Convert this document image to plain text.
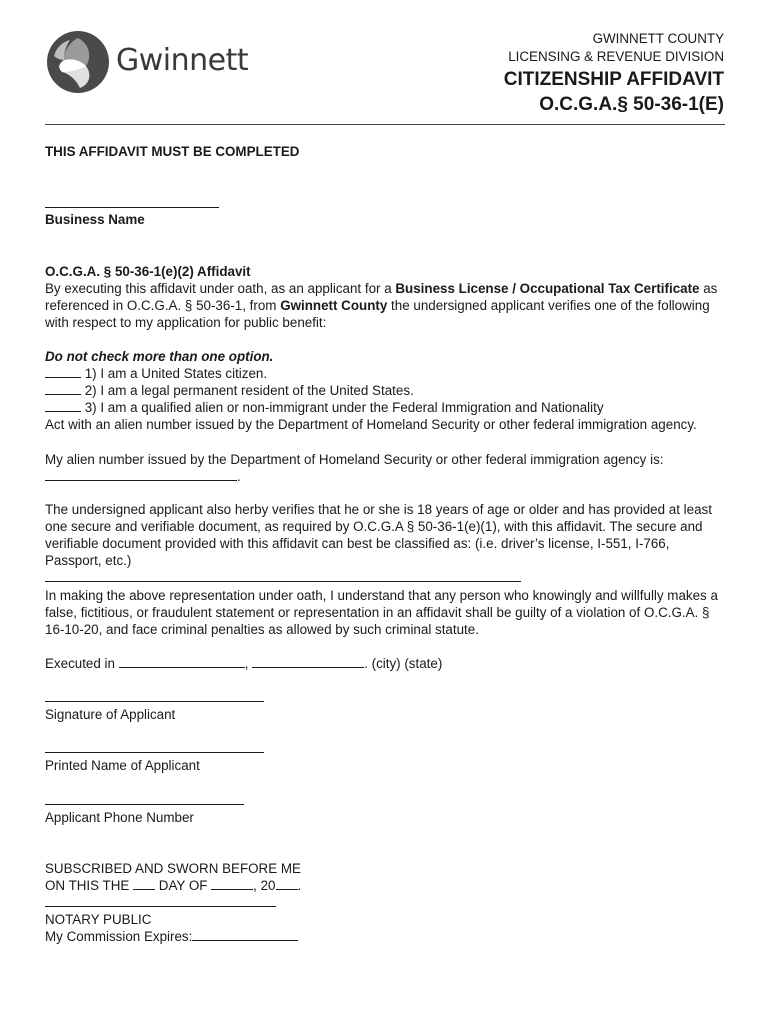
Gwinnett
GWINNETT COUNTY
LICENSING & REVENUE DIVISION
CITIZENSHIP AFFIDAVIT
O.C.G.A.§ 50-36-1(E)
THIS AFFIDAVIT MUST BE COMPLETED
Business Name
O.C.G.A. § 50-36-1(e)(2) Affidavit
By executing this affidavit under oath, as an applicant for a Business License / Occupational Tax Certificate as referenced in O.C.G.A. § 50-36-1, from Gwinnett County the undersigned applicant verifies one of the following with respect to my application for public benefit:
Do not check more than one option.
1) I am a United States citizen.
2) I am a legal permanent resident of the United States.
3) I am a qualified alien or non-immigrant under the Federal Immigration and Nationality
Act with an alien number issued by the Department of Homeland Security or other federal immigration agency.
My alien number issued by the Department of Homeland Security or other federal immigration agency is:
.
The undersigned applicant also herby verifies that he or she is 18 years of age or older and has provided at least one secure and verifiable document, as required by O.C.G.A § 50-36-1(e)(1), with this affidavit. The secure and verifiable document provided with this affidavit can best be classified as: (i.e. driver’s license, I-551, I-766, Passport, etc.)
In making the above representation under oath, I understand that any person who knowingly and willfully makes a false, fictitious, or fraudulent statement or representation in an affidavit shall be guilty of a violation of O.C.G.A. § 16-10-20, and face criminal penalties as allowed by such criminal statute.
Executed in	,	. (city) (state)
Signature of Applicant
Printed Name of Applicant
Applicant Phone Number
SUBSCRIBED AND SWORN BEFORE ME
ON THIS THE DAY OF	, 20 .
NOTARY PUBLIC
My Commission Expires:
